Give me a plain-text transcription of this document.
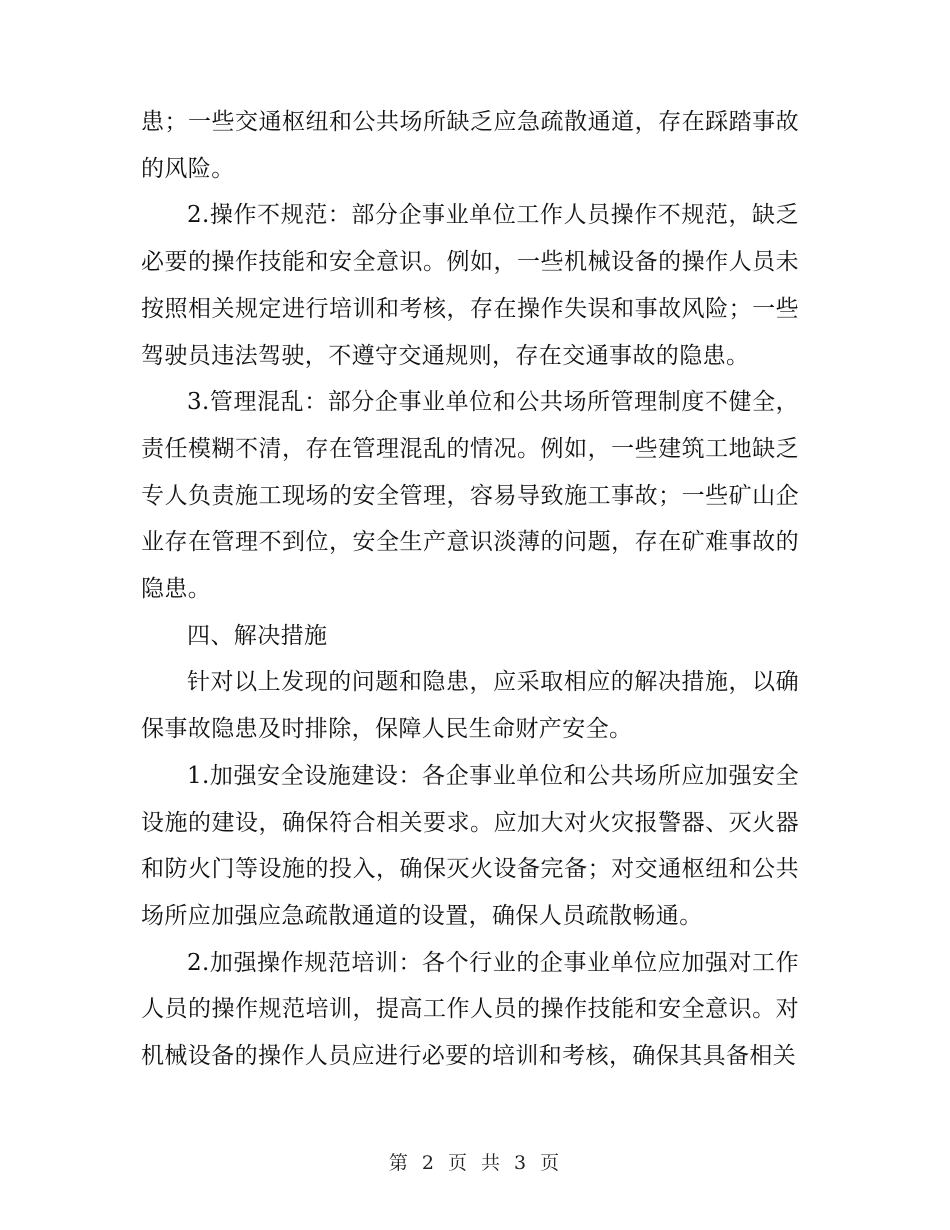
患；一些交通枢纽和公共场所缺乏应急疏散通道，存在踩踏事故的风险。

2.操作不规范：部分企事业单位工作人员操作不规范，缺乏必要的操作技能和安全意识。例如，一些机械设备的操作人员未按照相关规定进行培训和考核，存在操作失误和事故风险；一些驾驶员违法驾驶，不遵守交通规则，存在交通事故的隐患。

3.管理混乱：部分企事业单位和公共场所管理制度不健全，责任模糊不清，存在管理混乱的情况。例如，一些建筑工地缺乏专人负责施工现场的安全管理，容易导致施工事故；一些矿山企业存在管理不到位，安全生产意识淡薄的问题，存在矿难事故的隐患。

四、解决措施

针对以上发现的问题和隐患，应采取相应的解决措施，以确保事故隐患及时排除，保障人民生命财产安全。

1.加强安全设施建设：各企事业单位和公共场所应加强安全设施的建设，确保符合相关要求。应加大对火灾报警器、灭火器和防火门等设施的投入，确保灭火设备完备；对交通枢纽和公共场所应加强应急疏散通道的设置，确保人员疏散畅通。

2.加强操作规范培训：各个行业的企事业单位应加强对工作人员的操作规范培训，提高工作人员的操作技能和安全意识。对机械设备的操作人员应进行必要的培训和考核，确保其具备相关

第 2 页 共 3 页
